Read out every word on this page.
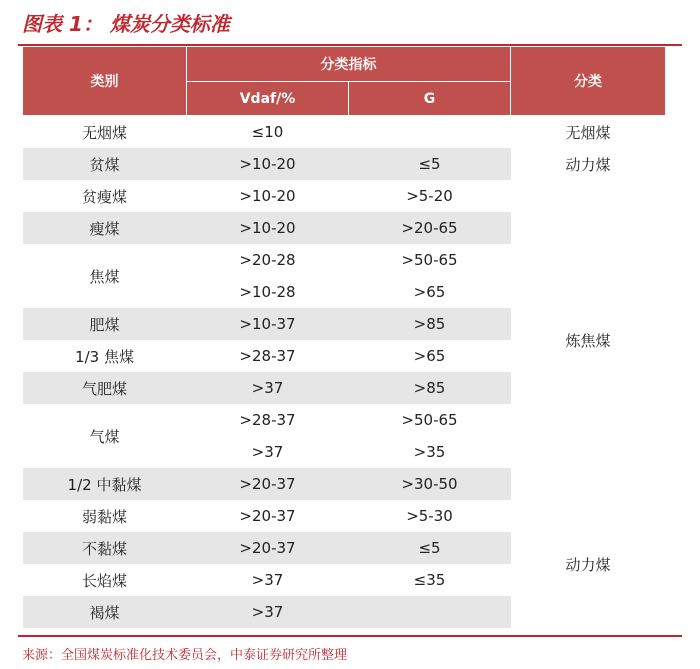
图表 1： 煤炭分类标准
类别	分类指标		分类
	Vdaf/%	G	
无烟煤	≤10		无烟煤
贫煤	>10-20	≤5	动力煤
贫瘦煤	>10-20	>5-20	炼焦煤
瘦煤	>10-20	>20-65	
焦煤	>20-28	>50-65	
	>10-28	>65	
肥煤	>10-37	>85	
1/3 焦煤	>28-37	>65	
气肥煤	>37	>85	
气煤	>28-37	>50-65	
	>37	>35	
1/2 中黏煤	>20-37	>30-50	
弱黏煤	>20-37	>5-30	动力煤
不黏煤	>20-37	≤5	
长焰煤	>37	≤35	
褐煤	>37		
来源：全国煤炭标准化技术委员会，中泰证券研究所整理
